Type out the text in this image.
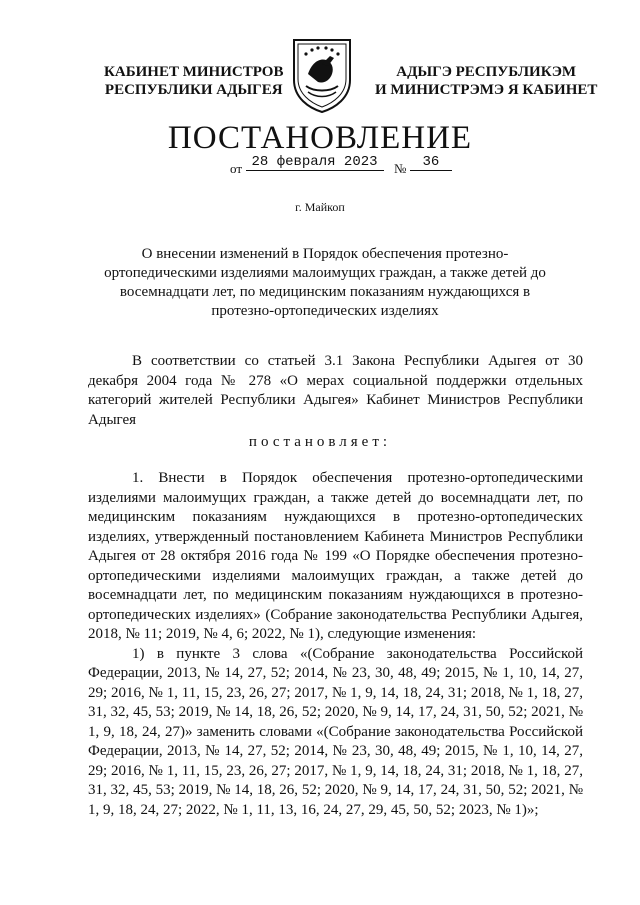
КАБИНЕТ МИНИСТРОВ
РЕСПУБЛИКИ АДЫГЕЯ
АДЫГЭ РЕСПУБЛИКЭМ
И МИНИСТРЭМЭ Я КАБИНЕТ
ПОСТАНОВЛЕНИЕ
от 28 февраля 2023 № 36
г. Майкоп
О внесении изменений в Порядок обеспечения протезно-ортопедическими изделиями малоимущих граждан, а также детей до восемнадцати лет, по медицинским показаниям нуждающихся в протезно-ортопедических изделиях
В соответствии со статьей 3.1 Закона Республики Адыгея от 30 декабря 2004 года № 278 «О мерах социальной поддержки отдельных категорий жителей Республики Адыгея» Кабинет Министров Республики Адыгея
постановляет:
1. Внести в Порядок обеспечения протезно-ортопедическими изделиями малоимущих граждан, а также детей до восемнадцати лет, по медицинским показаниям нуждающихся в протезно-ортопедических изделиях, утвержденный постановлением Кабинета Министров Республики Адыгея от 28 октября 2016 года № 199 «О Порядке обеспечения протезно-ортопедическими изделиями малоимущих граждан, а также детей до восемнадцати лет, по медицинским показаниям нуждающихся в протезно-ортопедических изделиях» (Собрание законодательства Республики Адыгея, 2018, № 11; 2019, № 4, 6; 2022, № 1), следующие изменения:
1) в пункте 3 слова «(Собрание законодательства Российской Федерации, 2013, № 14, 27, 52; 2014, № 23, 30, 48, 49; 2015, № 1, 10, 14, 27, 29; 2016, № 1, 11, 15, 23, 26, 27; 2017, № 1, 9, 14, 18, 24, 31; 2018, № 1, 18, 27, 31, 32, 45, 53; 2019, № 14, 18, 26, 52; 2020, № 9, 14, 17, 24, 31, 50, 52; 2021, № 1, 9, 18, 24, 27)» заменить словами «(Собрание законодательства Российской Федерации, 2013, № 14, 27, 52; 2014, № 23, 30, 48, 49; 2015, № 1, 10, 14, 27, 29; 2016, № 1, 11, 15, 23, 26, 27; 2017, № 1, 9, 14, 18, 24, 31; 2018, № 1, 18, 27, 31, 32, 45, 53; 2019, № 14, 18, 26, 52; 2020, № 9, 14, 17, 24, 31, 50, 52; 2021, № 1, 9, 18, 24, 27; 2022, № 1, 11, 13, 16, 24, 27, 29, 45, 50, 52; 2023, № 1)»;
